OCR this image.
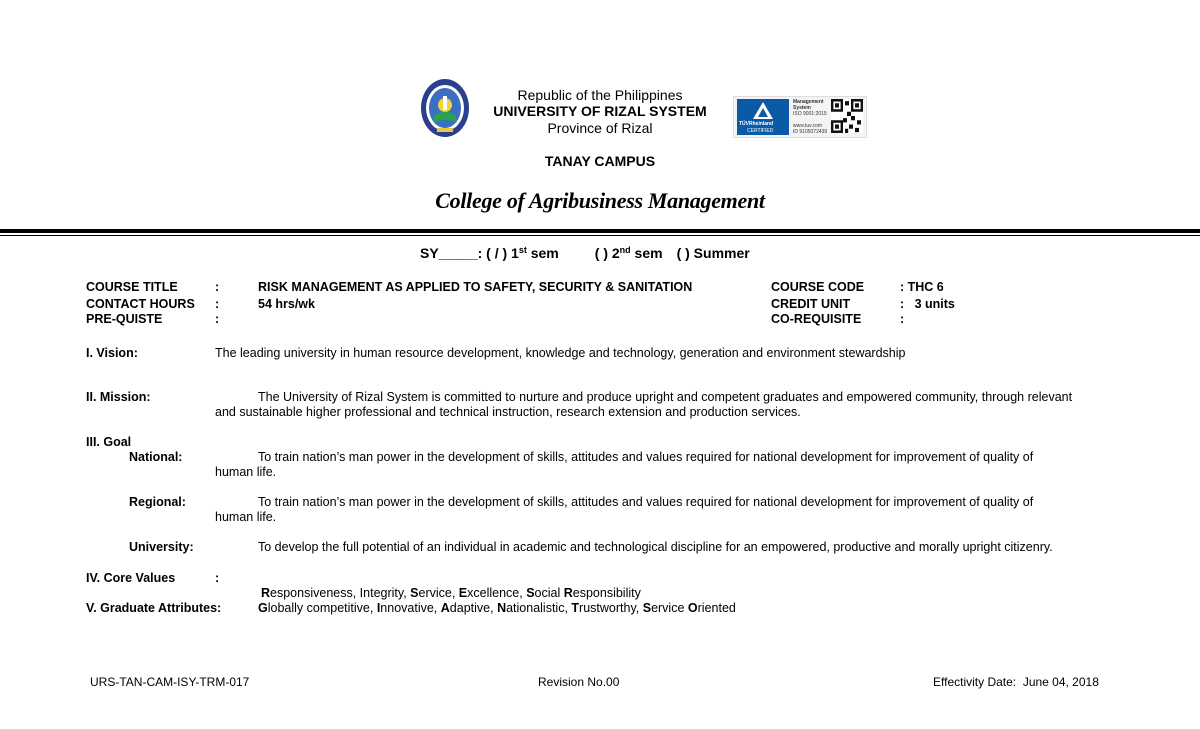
TÜVRheinland
CERTIFIED
Management
System
ISO 9001:2015
www.tuv.com
ID 9105072439
Republic of the Philippines
UNIVERSITY OF RIZAL SYSTEM
Province of Rizal
TANAY CAMPUS
College of Agribusiness Management
SY_____: ( / ) 1st sem	( ) 2nd sem ( ) Summer
COURSE TITLE	:	RISK MANAGEMENT AS APPLIED TO SAFETY, SECURITY & SANITATION	COURSE CODE	: THC 6
CONTACT HOURS :	54 hrs/wk	CREDIT UNIT	:   3 units
PRE-QUISTE	:	CO-REQUISITE	:
I. Vision:	The leading university in human resource development, knowledge and technology, generation and environment stewardship
II. Mission:	The University of Rizal System is committed to nurture and produce upright and competent graduates and empowered community, through relevant
and sustainable higher professional and technical instruction, research extension and production services.
III. Goal
National:	To train nation’s man power in the development of skills, attitudes and values required for national development for improvement of quality of
human life.
Regional:	To train nation’s man power in the development of skills, attitudes and values required for national development for improvement of quality of
human life.
University:	To develop the full potential of an individual in academic and technological discipline for an empowered, productive and morally upright citizenry.
IV. Core Values	:

Responsiveness, Integrity, Service, Excellence, Social Responsibility
V. Graduate Attributes:	Globally competitive, Innovative, Adaptive, Nationalistic, Trustworthy, Service Oriented
URS-TAN-CAM-ISY-TRM-017	Revision No.00	Effectivity Date:  June 04, 2018
